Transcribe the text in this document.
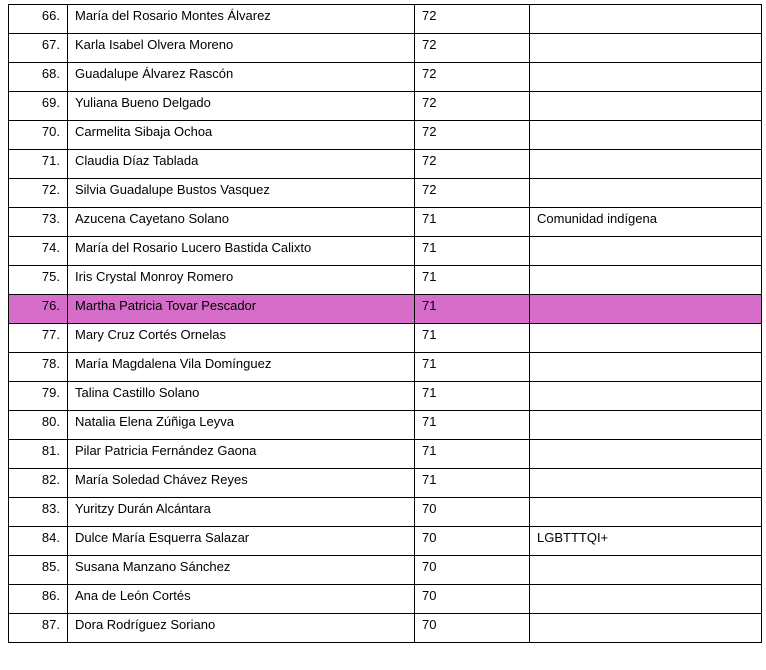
66.	María del Rosario Montes Álvarez	72	
67.	Karla Isabel Olvera Moreno	72	
68.	Guadalupe Álvarez Rascón	72	
69.	Yuliana Bueno Delgado	72	
70.	Carmelita Sibaja Ochoa	72	
71.	Claudia Díaz Tablada	72	
72.	Silvia Guadalupe Bustos Vasquez	72	
73.	Azucena Cayetano Solano	71	Comunidad indígena
74.	María del Rosario Lucero Bastida Calixto	71	
75.	Iris Crystal Monroy Romero	71	
76.	Martha Patricia Tovar Pescador	71	
77.	Mary Cruz Cortés Ornelas	71	
78.	María Magdalena Vila Domínguez	71	
79.	Talina Castillo Solano	71	
80.	Natalia Elena Zúñiga Leyva	71	
81.	Pilar Patricia Fernández Gaona	71	
82.	María Soledad Chávez Reyes	71	
83.	Yuritzy Durán Alcántara	70	
84.	Dulce María Esquerra Salazar	70	LGBTTTQI+
85.	Susana Manzano Sánchez	70	
86.	Ana de León Cortés	70	
87.	Dora Rodríguez Soriano	70	
